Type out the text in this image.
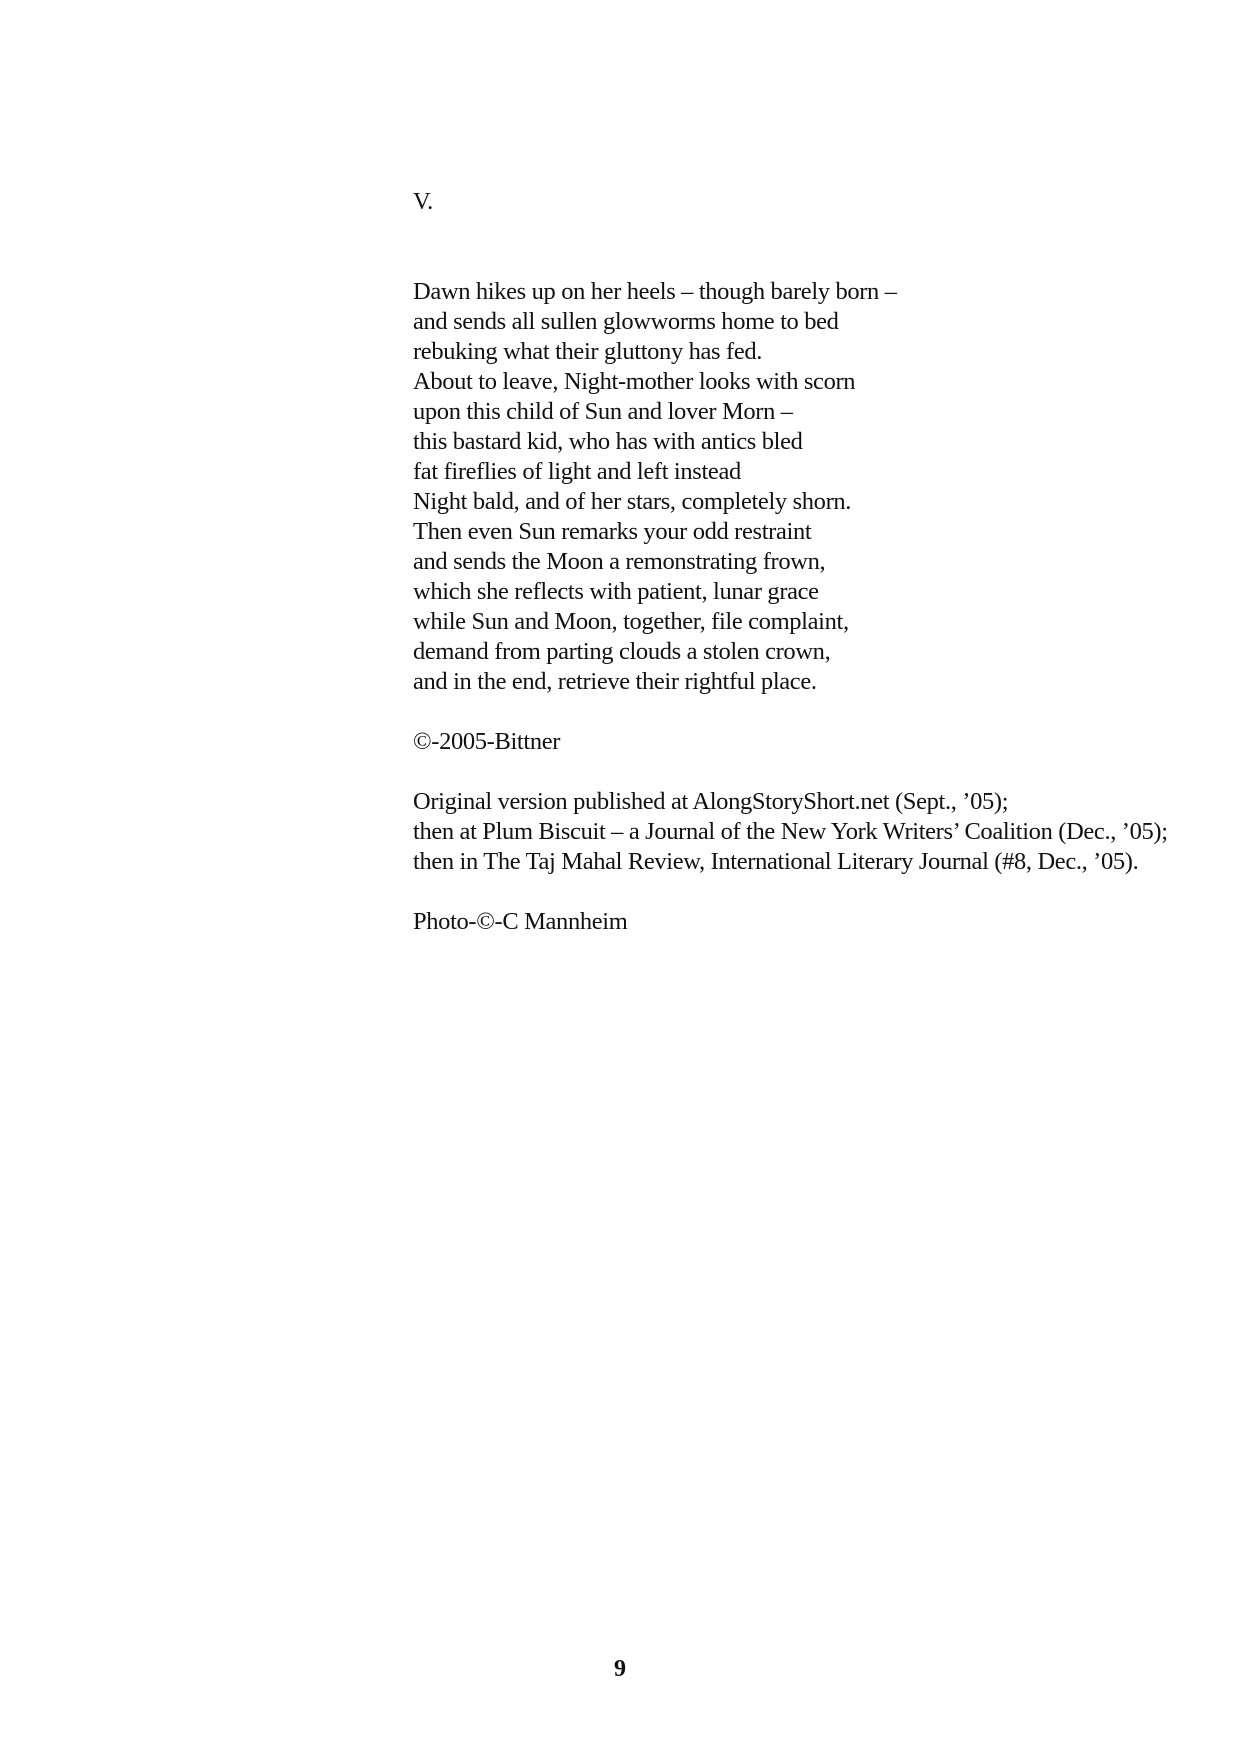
V.

Dawn hikes up on her heels – though barely born –
and sends all sullen glowworms home to bed
rebuking what their gluttony has fed.
About to leave, Night-mother looks with scorn
upon this child of Sun and lover Morn –
this bastard kid, who has with antics bled
fat fireflies of light and left instead
Night bald, and of her stars, completely shorn.
Then even Sun remarks your odd restraint
and sends the Moon a remonstrating frown,
which she reflects with patient, lunar grace
while Sun and Moon, together, file complaint,
demand from parting clouds a stolen crown,
and in the end, retrieve their rightful place.

©-2005-Bittner

Original version published at AlongStoryShort.net (Sept., ’05);
then at Plum Biscuit – a Journal of the New York Writers’ Coalition (Dec., ’05);
then in The Taj Mahal Review, International Literary Journal (#8, Dec., ’05).

Photo-©-C Mannheim

9
